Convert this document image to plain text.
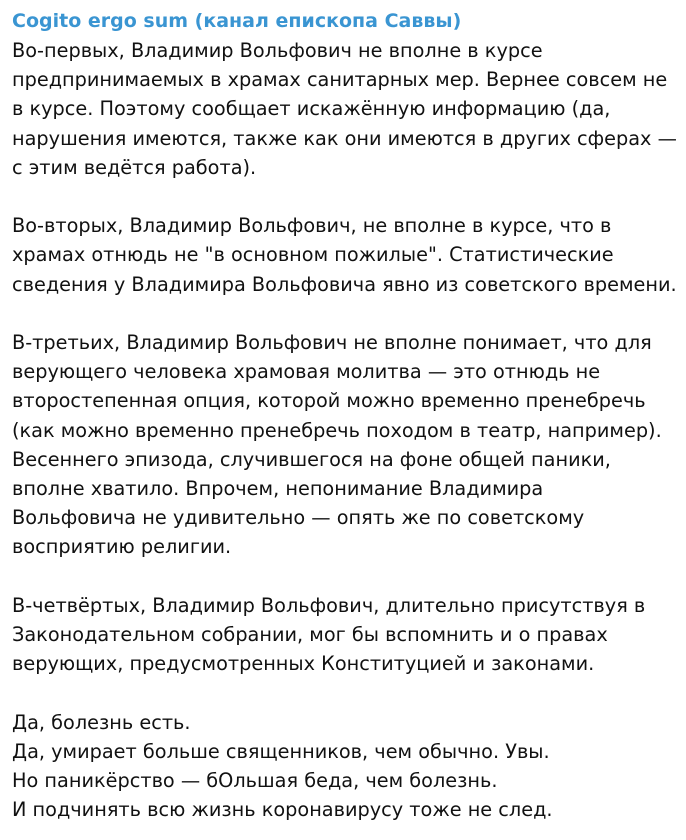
Cogito ergo sum (канал епископа Саввы)

Во-первых, Владимир Вольфович не вполне в курсе
предпринимаемых в храмах санитарных мер. Вернее совсем не
в курсе. Поэтому сообщает искажённую информацию (да,
нарушения имеются, также как они имеются в других сферах —
с этим ведётся работа).

Во-вторых, Владимир Вольфович, не вполне в курсе, что в
храмах отнюдь не "в основном пожилые". Статистические
сведения у Владимира Вольфовича явно из советского времени.

В-третьих, Владимир Вольфович не вполне понимает, что для
верующего человека храмовая молитва — это отнюдь не
второстепенная опция, которой можно временно пренебречь
(как можно временно пренебречь походом в театр, например).
Весеннего эпизода, случившегося на фоне общей паники,
вполне хватило. Впрочем, непонимание Владимира
Вольфовича не удивительно — опять же по советскому
восприятию религии.

В-четвёртых, Владимир Вольфович, длительно присутствуя в
Законодательном собрании, мог бы вспомнить и о правах
верующих, предусмотренных Конституцией и законами.

Да, болезнь есть.
Да, умирает больше священников, чем обычно. Увы.
Но паникёрство — бОльшая беда, чем болезнь.
И подчинять всю жизнь коронавирусу тоже не след.
